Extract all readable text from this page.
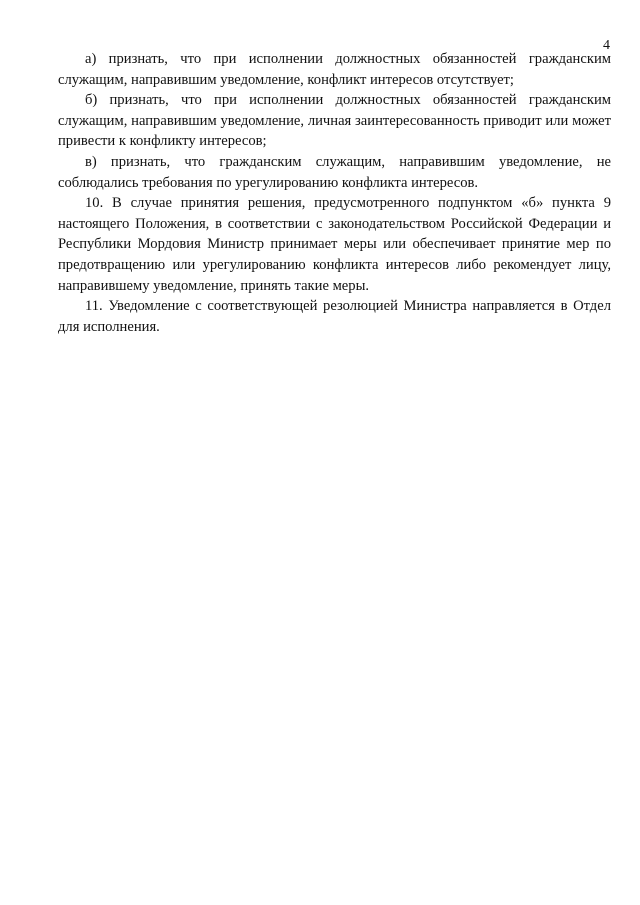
4

а) признать, что при исполнении должностных обязанностей гражданским служащим, направившим уведомление, конфликт интересов отсутствует;

б) признать, что при исполнении должностных обязанностей гражданским служащим, направившим уведомление, личная заинтересованность приводит или может привести к конфликту интересов;

в) признать, что гражданским служащим, направившим уведомление, не соблюдались требования по урегулированию конфликта интересов.

10. В случае принятия решения, предусмотренного подпунктом «б» пункта 9 настоящего Положения, в соответствии с законодательством Российской Федерации и Республики Мордовия Министр принимает меры или обеспечивает принятие мер по предотвращению или урегулированию конфликта интересов либо рекомендует лицу, направившему уведомление, принять такие меры.

11. Уведомление с соответствующей резолюцией Министра направляется в Отдел для исполнения.
